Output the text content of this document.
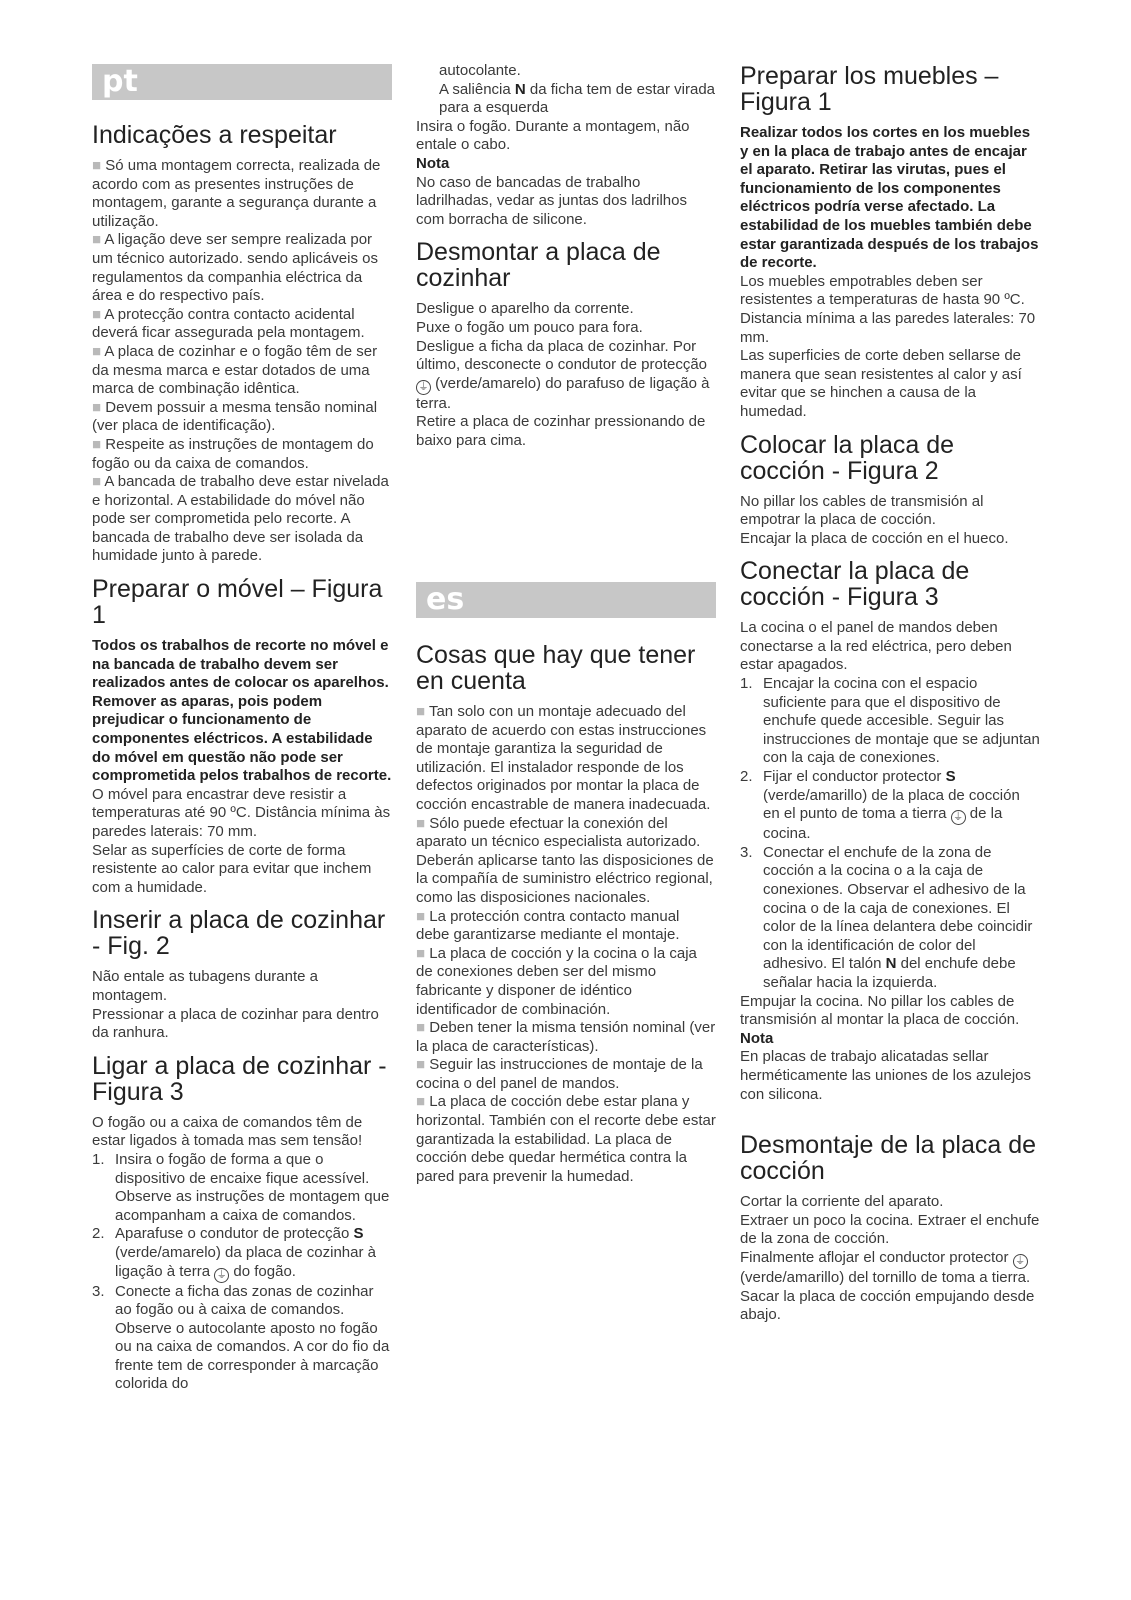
pt
Indicações a respeitar

■ Só uma montagem correcta, realizada de acordo com as presentes instruções de montagem, garante a segurança durante a utilização.

■ A ligação deve ser sempre realizada por um técnico autorizado. sendo aplicáveis os regulamentos da companhia eléctrica da área e do respectivo país.

■ A protecção contra contacto acidental deverá ficar assegurada pela montagem.

■ A placa de cozinhar e o fogão têm de ser da mesma marca e estar dotados de uma marca de combinação idêntica.

■ Devem possuir a mesma tensão nominal (ver placa de identificação).

■ Respeite as instruções de montagem do fogão ou da caixa de comandos.

■ A bancada de trabalho deve estar nivelada e horizontal. A estabilidade do móvel não pode ser comprometida pelo recorte. A bancada de trabalho deve ser isolada da humidade junto à parede.

Preparar o móvel – Figura 1

Todos os trabalhos de recorte no móvel e na bancada de trabalho devem ser realizados antes de colocar os aparelhos. Remover as aparas, pois podem prejudicar o funcionamento de componentes eléctricos. A estabilidade do móvel em questão não pode ser comprometida pelos trabalhos de recorte.

O móvel para encastrar deve resistir a temperaturas até 90 ºC. Distância mínima às paredes laterais: 70 mm.

Selar as superfícies de corte de forma resistente ao calor para evitar que inchem com a humidade.

Inserir a placa de cozinhar - Fig. 2

Não entale as tubagens durante a montagem.

Pressionar a placa de cozinhar para dentro da ranhura.

Ligar a placa de cozinhar - Figura 3

O fogão ou a caixa de comandos têm de estar ligados à tomada mas sem tensão!

1. Insira o fogão de forma a que o dispositivo de encaixe fique acessível. Observe as instruções de montagem que acompanham a caixa de comandos.
2. Aparafuse o condutor de protecção S (verde/amarelo) da placa de cozinhar à ligação à terra ⏚ do fogão.
3. Conecte a ficha das zonas de cozinhar ao fogão ou à caixa de comandos. Observe o autocolante aposto no fogão ou na caixa de comandos. A cor do fio da frente tem de corresponder à marcação colorida do

autocolante.

A saliência N da ficha tem de estar virada para a esquerda

Insira o fogão. Durante a montagem, não entale o cabo.

Nota

No caso de bancadas de trabalho ladrilhadas, vedar as juntas dos ladrilhos com borracha de silicone.

Desmontar a placa de cozinhar

Desligue o aparelho da corrente.

Puxe o fogão um pouco para fora.

Desligue a ficha da placa de cozinhar. Por último, desconecte o condutor de protecção ⏚ (verde/amarelo) do parafuso de ligação à terra.

Retire a placa de cozinhar pressionando de baixo para cima.

es
Cosas que hay que tener en cuenta

■ Tan solo con un montaje adecuado del aparato de acuerdo con estas instrucciones de montaje garantiza la seguridad de utilización. El instalador responde de los defectos originados por montar la placa de cocción encastrable de manera inadecuada.

■ Sólo puede efectuar la conexión del aparato un técnico especialista autorizado. Deberán aplicarse tanto las disposiciones de la compañía de suministro eléctrico regional, como las disposiciones nacionales.

■ La protección contra contacto manual debe garantizarse mediante el montaje.

■ La placa de cocción y la cocina o la caja de conexiones deben ser del mismo fabricante y disponer de idéntico identificador de combinación.

■ Deben tener la misma tensión nominal (ver la placa de características).

■ Seguir las instrucciones de montaje de la cocina o del panel de mandos.

■ La placa de cocción debe estar plana y horizontal. También con el recorte debe estar garantizada la estabilidad. La placa de cocción debe quedar hermética contra la pared para prevenir la humedad.

Preparar los muebles – Figura 1

Realizar todos los cortes en los muebles y en la placa de trabajo antes de encajar el aparato. Retirar las virutas, pues el funcionamiento de los componentes eléctricos podría verse afectado. La estabilidad de los muebles también debe estar garantizada después de los trabajos de recorte.

Los muebles empotrables deben ser resistentes a temperaturas de hasta 90 ºC. Distancia mínima a las paredes laterales: 70 mm.

Las superficies de corte deben sellarse de manera que sean resistentes al calor y así evitar que se hinchen a causa de la humedad.

Colocar la placa de cocción - Figura 2

No pillar los cables de transmisión al empotrar la placa de cocción.

Encajar la placa de cocción en el hueco.

Conectar la placa de cocción - Figura 3

La cocina o el panel de mandos deben conectarse a la red eléctrica, pero deben estar apagados.

1. Encajar la cocina con el espacio suficiente para que el dispositivo de enchufe quede accesible. Seguir las instrucciones de montaje que se adjuntan con la caja de conexiones.
2. Fijar el conductor protector S (verde/amarillo) de la placa de cocción en el punto de toma a tierra ⏚ de la cocina.
3. Conectar el enchufe de la zona de cocción a la cocina o a la caja de conexiones. Observar el adhesivo de la cocina o de la caja de conexiones. El color de la línea delantera debe coincidir con la identificación de color del adhesivo. El talón N del enchufe debe señalar hacia la izquierda.

Empujar la cocina. No pillar los cables de transmisión al montar la placa de cocción.

Nota

En placas de trabajo alicatadas sellar herméticamente las uniones de los azulejos con silicona.

Desmontaje de la placa de cocción

Cortar la corriente del aparato.

Extraer un poco la cocina. Extraer el enchufe de la zona de cocción.

Finalmente aflojar el conductor protector ⏚ (verde/amarillo) del tornillo de toma a tierra.

Sacar la placa de cocción empujando desde abajo.
